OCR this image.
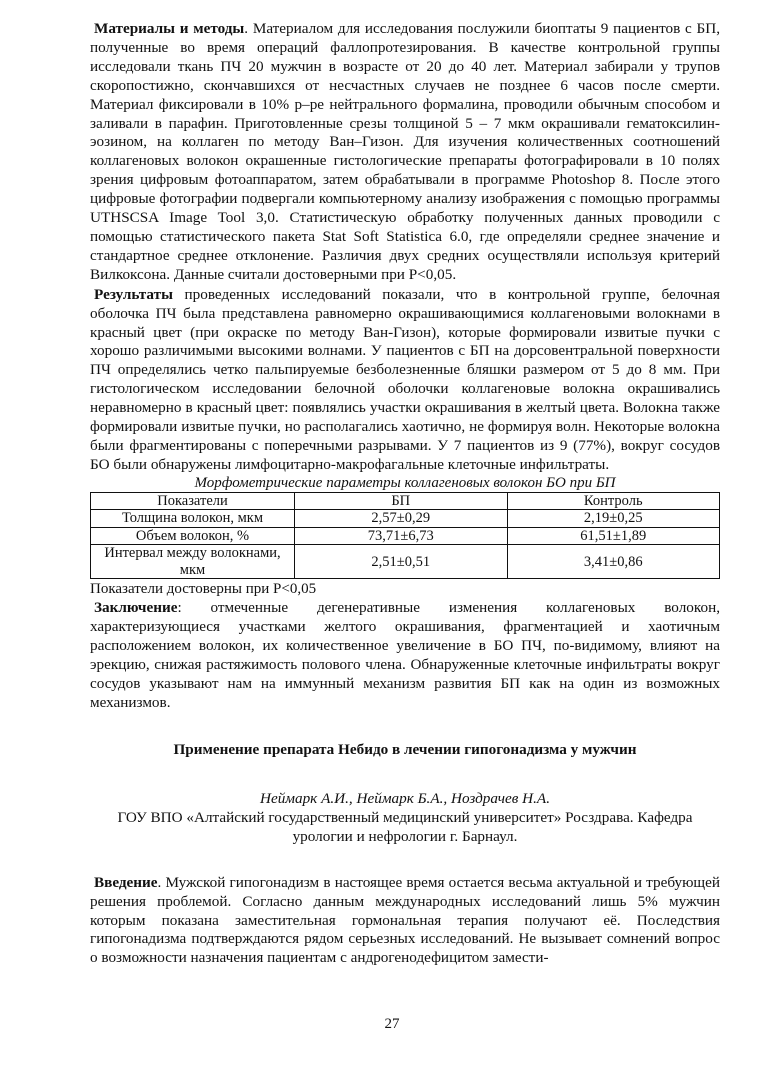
Материалы и методы. Материалом для исследования послужили биоптаты 9 пациентов с БП, полученные во время операций фаллопротезирования. В качестве контрольной группы исследовали ткань ПЧ 20 мужчин в возрасте от 20 до 40 лет. Материал забирали у трупов скоропостижно, скончавшихся от несчастных случаев не позднее 6 часов после смерти. Материал фиксировали в 10% р–ре нейтрального формалина, проводили обычным способом и заливали в парафин. Приготовленные срезы толщиной 5 – 7 мкм окрашивали гематоксилин-эозином, на коллаген по методу Ван–Гизон. Для изучения количественных соотношений коллагеновых волокон окрашенные гистологические препараты фотографировали в 10 полях зрения цифровым фотоаппаратом, затем обрабатывали в программе Photoshop 8. После этого цифровые фотографии подвергали компьютерному анализу изображения с помощью программы UTHSCSA Image Tool 3,0. Статистическую обработку полученных данных проводили с помощью статистического пакета Stat Soft Statistica 6.0, где определяли среднее значение и стандартное среднее отклонение. Различия двух средних осуществляли используя критерий Вилкоксона. Данные считали достоверными при Р<0,05.

Результаты проведенных исследований показали, что в контрольной группе, белочная оболочка ПЧ была представлена равномерно окрашивающимися коллагеновыми волокнами в красный цвет (при окраске по методу Ван-Гизон), которые формировали извитые пучки с хорошо различимыми высокими волнами. У пациентов с БП на дорсовентральной поверхности ПЧ определялись четко пальпируемые безболезненные бляшки размером от 5 до 8 мм. При гистологическом исследовании белочной оболочки коллагеновые волокна окрашивались неравномерно в красный цвет: появлялись участки окрашивания в желтый цвета. Волокна также формировали извитые пучки, но располагались хаотично, не формируя волн. Некоторые волокна были фрагментированы с поперечными разрывами. У 7 пациентов из 9 (77%), вокруг сосудов БО были обнаружены лимфоцитарно-макрофагальные клеточные инфильтраты.

Морфометрические параметры коллагеновых волокон БО при БП
Показатели	БП	Контроль
Толщина волокон, мкм	2,57±0,29	2,19±0,25
Объем волокон, %	73,71±6,73	61,51±1,89
Интервал между волокнами, мкм	2,51±0,51	3,41±0,86
Показатели достоверны при Р<0,05

Заключение: отмеченные дегенеративные изменения коллагеновых волокон, характеризующиеся участками желтого окрашивания, фрагментацией и хаотичным расположением волокон, их количественное увеличение в БО ПЧ, по-видимому, влияют на эрекцию, снижая растяжимость полового члена. Обнаруженные клеточные инфильтраты вокруг сосудов указывают нам на иммунный механизм развития БП как на один из возможных механизмов.

Применение препарата Небидо в лечении гипогонадизма у мужчин
Неймарк А.И., Неймарк Б.А., Ноздрачев Н.А.
ГОУ ВПО «Алтайский государственный медицинский университет» Росздрава. Кафедра урологии и нефрологии г. Барнаул.

Введение. Мужской гипогонадизм в настоящее время остается весьма актуальной и требующей решения проблемой. Согласно данным международных исследований лишь 5% мужчин которым показана заместительная гормональная терапия получают её. Последствия гипогонадизма подтверждаются рядом серьезных исследований. Не вызывает сомнений вопрос о возможности назначения пациентам с андрогенодефицитом замести-

27
